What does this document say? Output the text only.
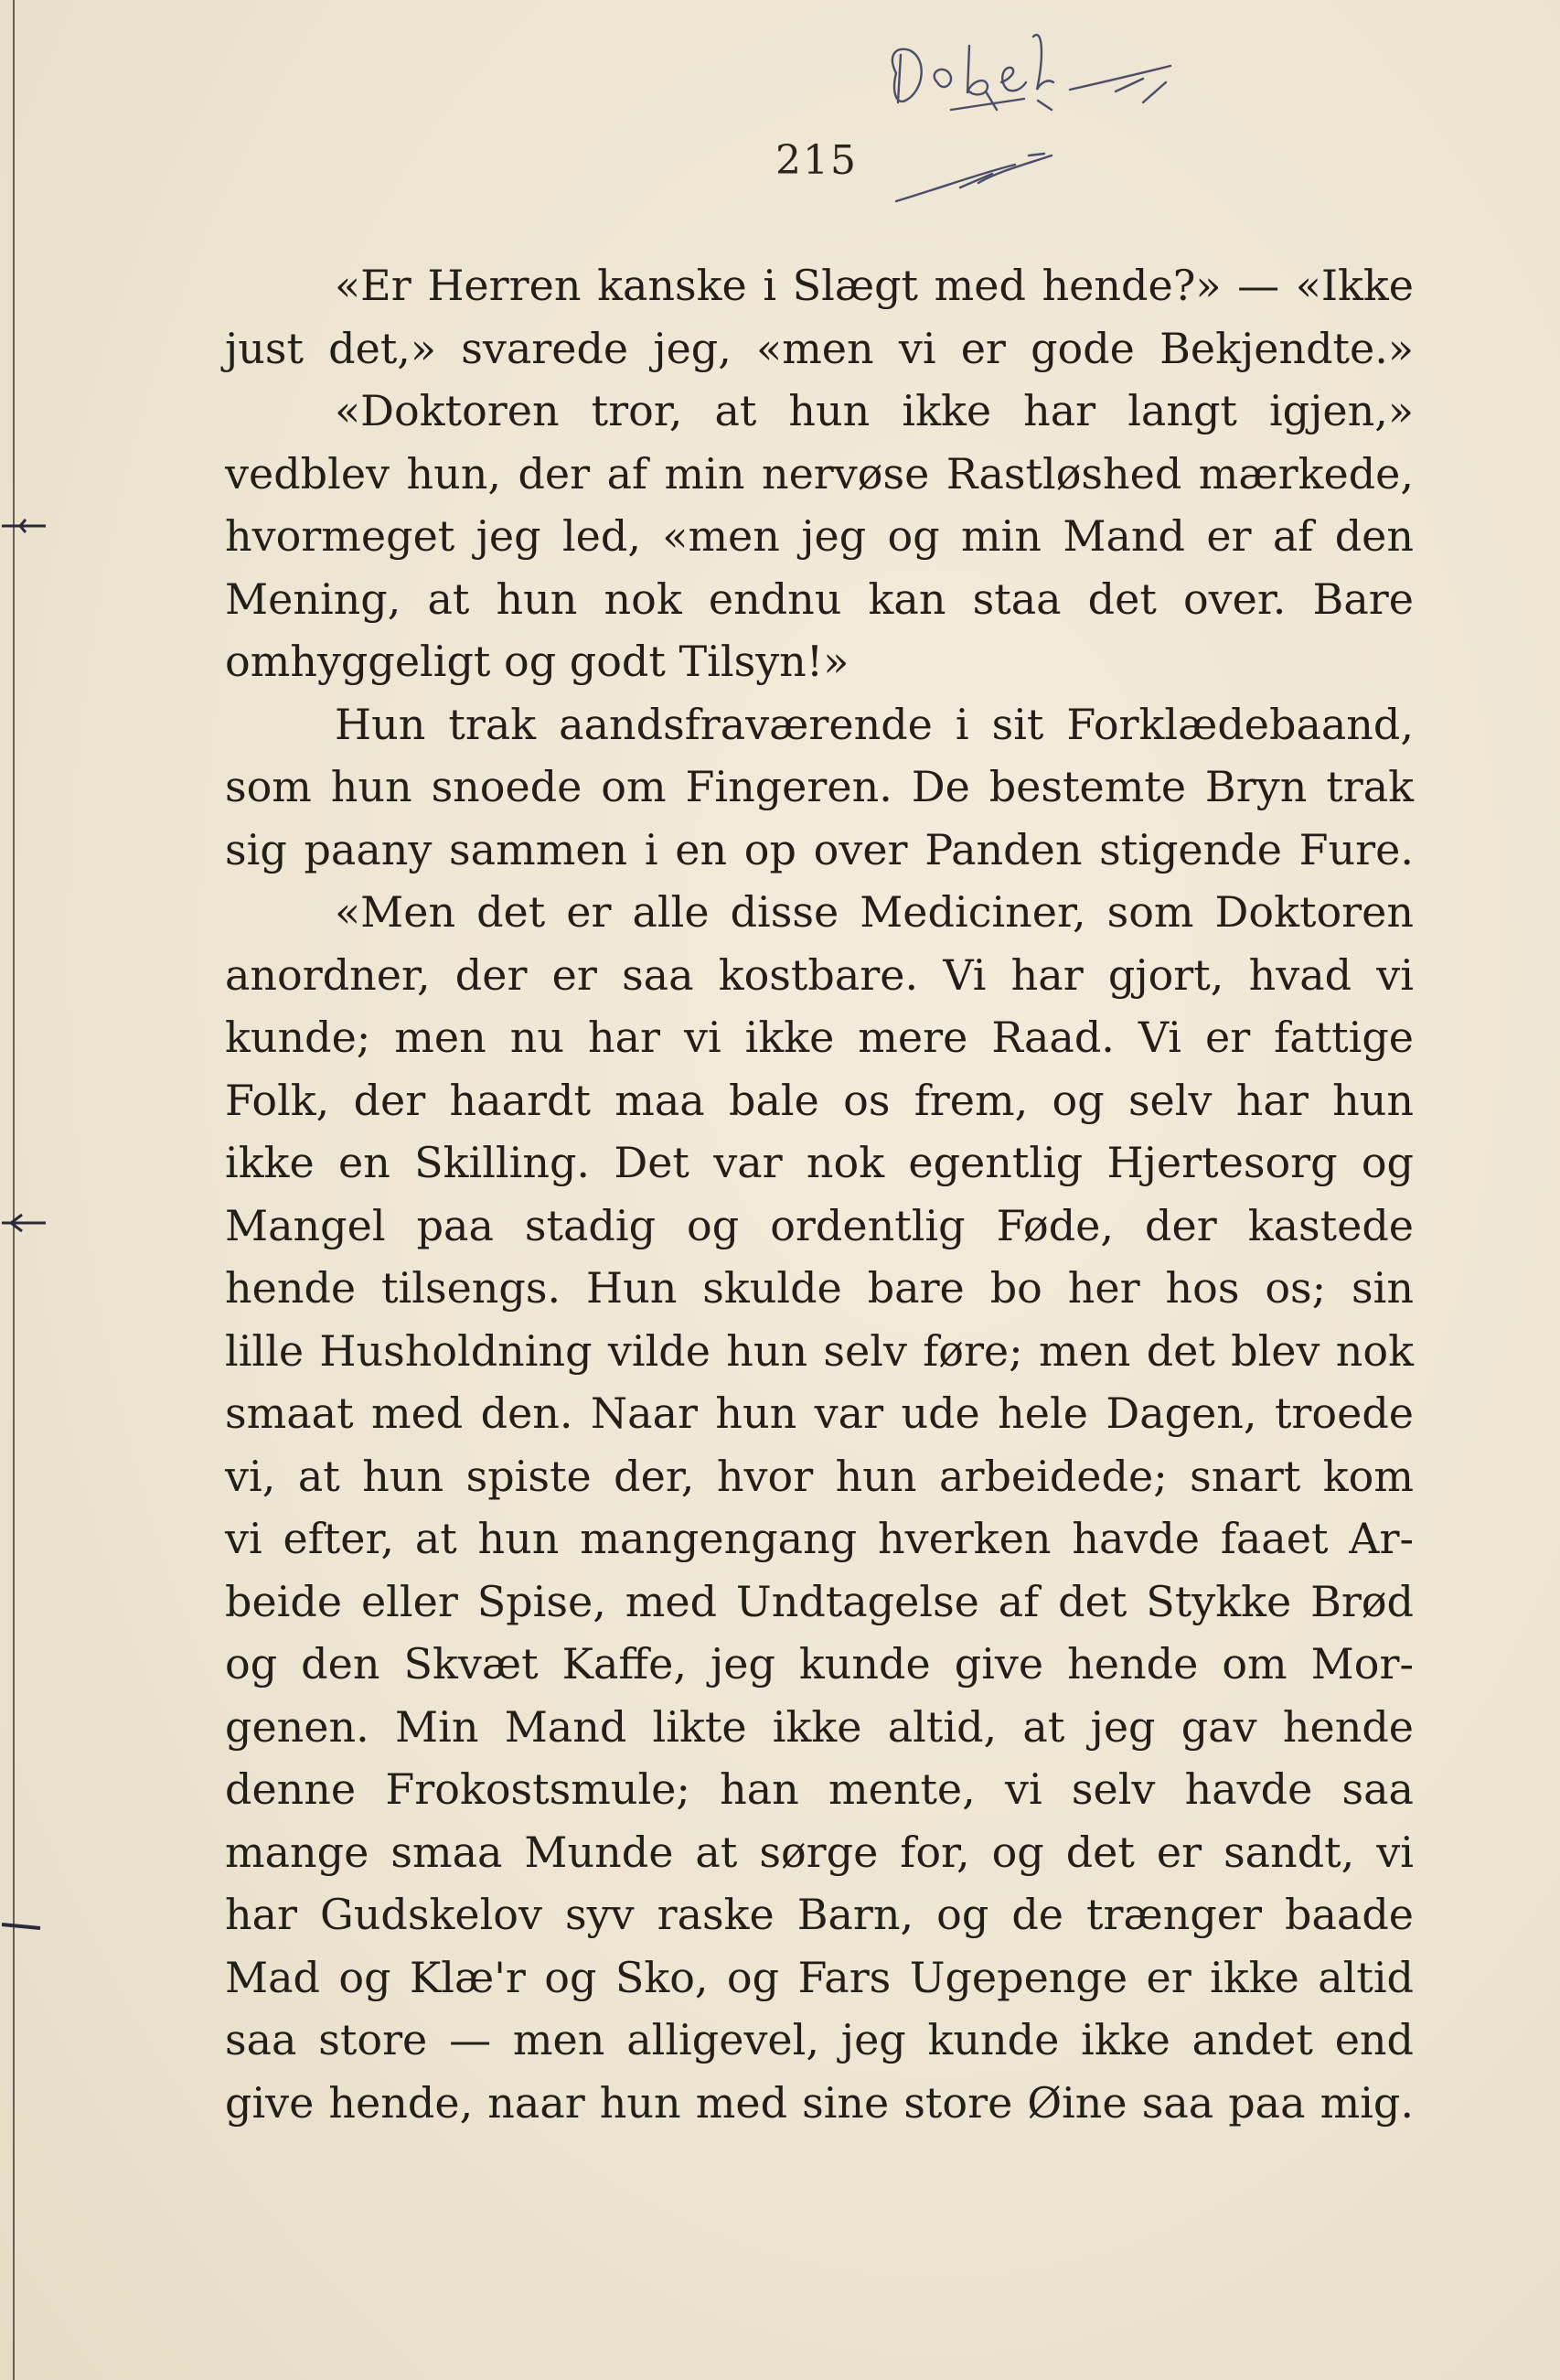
215
«Er Herren kanske i Slægt med hende?» — «Ikke
just det,» svarede jeg, «men vi er gode Bekjendte.»
«Doktoren tror, at hun ikke har langt igjen,»
vedblev hun, der af min nervøse Rastløshed mærkede,
hvormeget jeg led, «men jeg og min Mand er af den
Mening, at hun nok endnu kan staa det over. Bare
omhyggeligt og godt Tilsyn!»
Hun trak aandsfraværende i sit Forklædebaand,
som hun snoede om Fingeren. De bestemte Bryn trak
sig paany sammen i en op over Panden stigende Fure.
«Men det er alle disse Mediciner, som Doktoren
anordner, der er saa kostbare. Vi har gjort, hvad vi
kunde; men nu har vi ikke mere Raad. Vi er fattige
Folk, der haardt maa bale os frem, og selv har hun
ikke en Skilling. Det var nok egentlig Hjertesorg og
Mangel paa stadig og ordentlig Føde, der kastede
hende tilsengs. Hun skulde bare bo her hos os; sin
lille Husholdning vilde hun selv føre; men det blev nok
smaat med den. Naar hun var ude hele Dagen, troede
vi, at hun spiste der, hvor hun arbeidede; snart kom
vi efter, at hun mangengang hverken havde faaet Ar-
beide eller Spise, med Undtagelse af det Stykke Brød
og den Skvæt Kaffe, jeg kunde give hende om Mor-
genen. Min Mand likte ikke altid, at jeg gav hende
denne Frokostsmule; han mente, vi selv havde saa
mange smaa Munde at sørge for, og det er sandt, vi
har Gudskelov syv raske Barn, og de trænger baade
Mad og Klæ'r og Sko, og Fars Ugepenge er ikke altid
saa store — men alligevel, jeg kunde ikke andet end
give hende, naar hun med sine store Øine saa paa mig.
